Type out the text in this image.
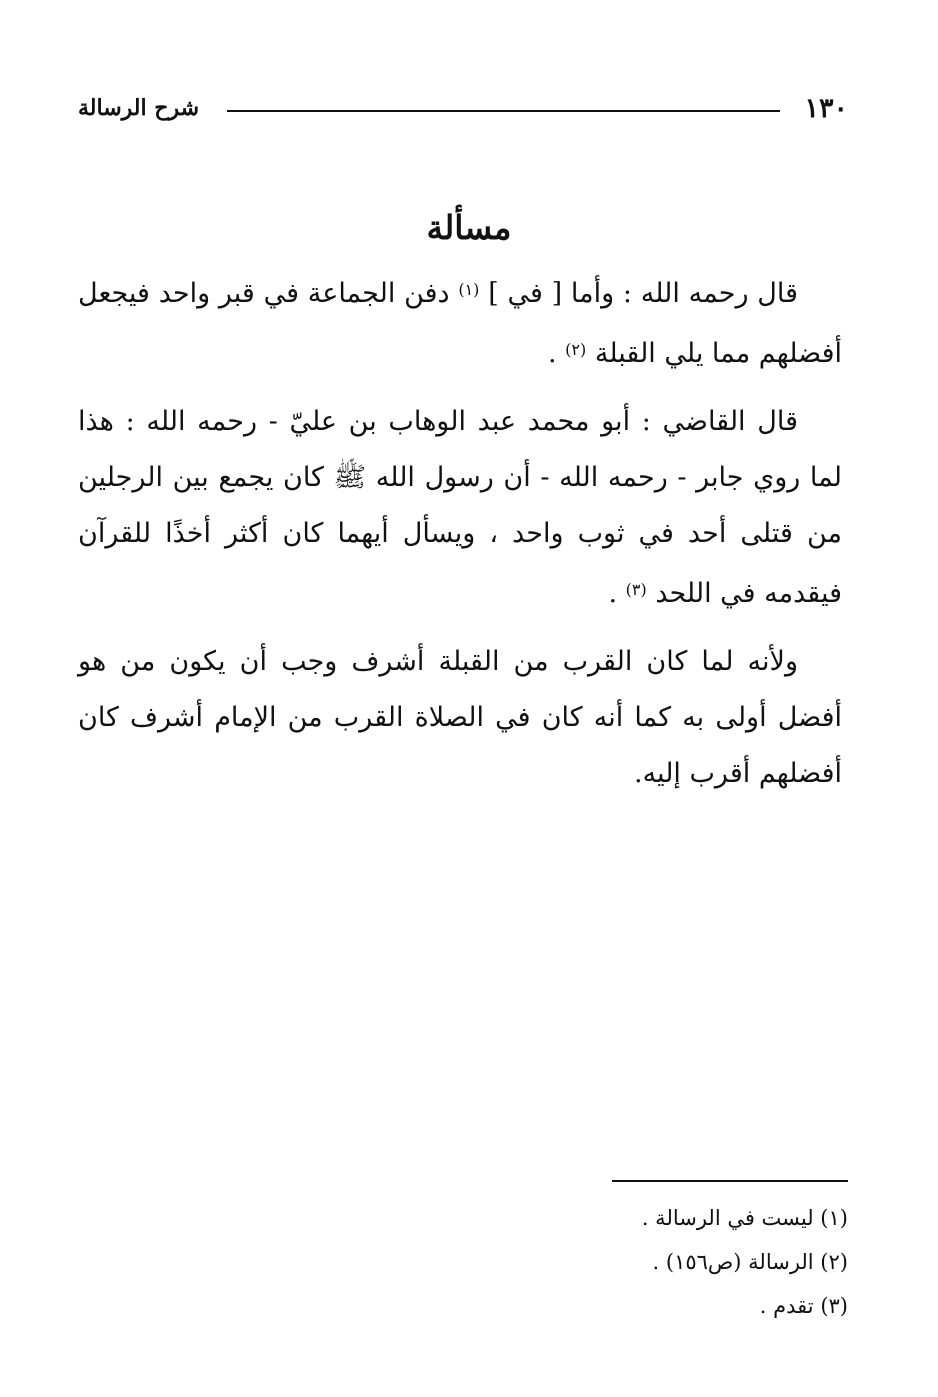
١٣٠
شرح الرسالة
مسألة

قال رحمه الله : وأما [ في ] $^{(١)}$ دفن الجماعة في قبر واحد فيجعل أفضلهم مما يلي القبلة $^{(٢)}$ .

قال القاضي : أبو محمد عبد الوهاب بن عليّ - رحمه الله : هذا لما روي جابر - رحمه الله - أن رسول الله ﷺ كان يجمع بين الرجلين من قتلى أحد في ثوب واحد ، ويسأل أيهما كان أكثر أخذًا للقرآن فيقدمه في اللحد $^{(٣)}$ .

ولأنه لما كان القرب من القبلة أشرف وجب أن يكون من هو أفضل أولى به كما أنه كان في الصلاة القرب من الإمام أشرف كان أفضلهم أقرب إليه.

(١) ليست في الرسالة .
(٢) الرسالة (ص١٥٦) .
(٣) تقدم .
